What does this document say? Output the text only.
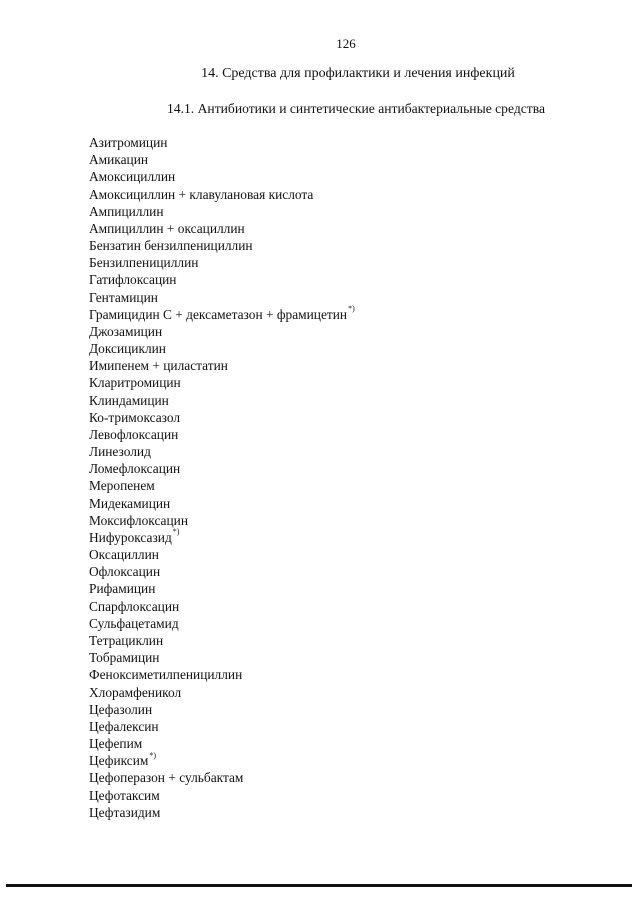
126
14. Средства для профилактики и лечения инфекций
14.1. Антибиотики и синтетические антибактериальные средства
Азитромицин
Амикацин
Амоксициллин
Амоксициллин + клавулановая кислота
Ампициллин
Ампициллин + оксациллин
Бензатин бензилпенициллин
Бензилпенициллин
Гатифлоксацин
Гентамицин
Грамицидин С + дексаметазон + фрамицетин*)
Джозамицин
Доксициклин
Имипенем + циластатин
Кларитромицин
Клиндамицин
Ко-тримоксазол
Левофлоксацин
Линезолид
Ломефлоксацин
Меропенем
Мидекамицин
Моксифлоксацин
Нифуроксазид*)
Оксациллин
Офлоксацин
Рифамицин
Спарфлоксацин
Сульфацетамид
Тетрациклин
Тобрамицин
Феноксиметилпенициллин
Хлорамфеникол
Цефазолин
Цефалексин
Цефепим
Цефиксим*)
Цефоперазон + сульбактам
Цефотаксим
Цефтазидим
